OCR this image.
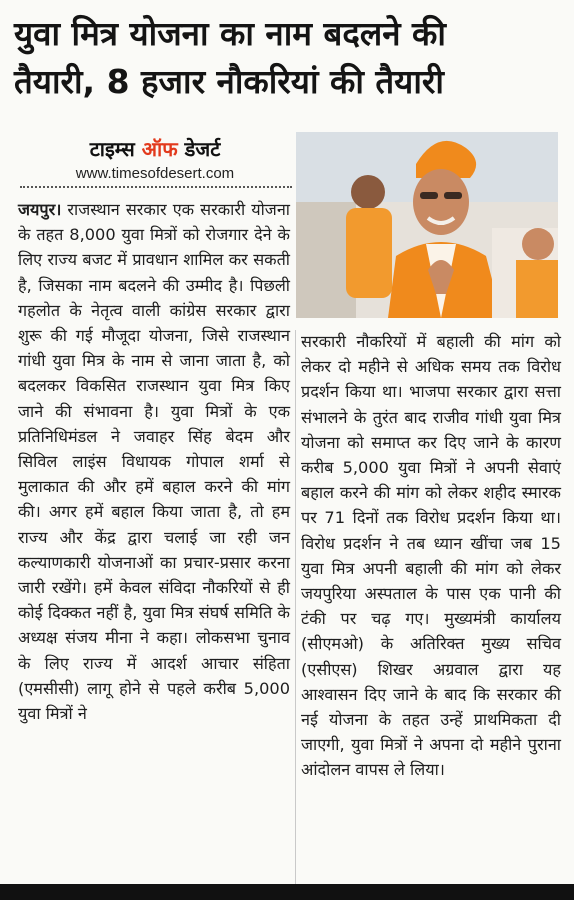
युवा मित्र योजना का नाम बदलने की
तैयारी, 8 हजार नौकरियां की तैयारी
टाइम्स ऑफ डेजर्ट
www.timesofdesert.com
जयपुर। राजस्थान सरकार एक सरकारी योजना के तहत 8,000 युवा मित्रों को रोजगार देने के लिए राज्य बजट में प्रावधान शामिल कर सकती है, जिसका नाम बदलने की उम्मीद है। पिछली गहलोत के नेतृत्व वाली कांग्रेस सरकार द्वारा शुरू की गई मौजूदा योजना, जिसे राजस्थान गांधी युवा मित्र के नाम से जाना जाता है, को बदलकर विकसित राजस्थान युवा मित्र किए जाने की संभावना है। युवा मित्रों के एक प्रतिनिधिमंडल ने जवाहर सिंह बेदम और सिविल लाइंस विधायक गोपाल शर्मा से मुलाकात की और हमें बहाल करने की मांग की। अगर हमें बहाल किया जाता है, तो हम राज्य और केंद्र द्वारा चलाई जा रही जन कल्याणकारी योजनाओं का प्रचार-प्रसार करना जारी रखेंगे। हमें केवल संविदा नौकरियों से ही कोई दिक्कत नहीं है, युवा मित्र संघर्ष समिति के अध्यक्ष संजय मीना ने कहा। लोकसभा चुनाव के लिए राज्य में आदर्श आचार संहिता (एमसीसी) लागू होने से पहले करीब 5,000 युवा मित्रों ने
सरकारी नौकरियों में बहाली की मांग को लेकर दो महीने से अधिक समय तक विरोध प्रदर्शन किया था। भाजपा सरकार द्वारा सत्ता संभालने के तुरंत बाद राजीव गांधी युवा मित्र योजना को समाप्त कर दिए जाने के कारण करीब 5,000 युवा मित्रों ने अपनी सेवाएं बहाल करने की मांग को लेकर शहीद स्मारक पर 71 दिनों तक विरोध प्रदर्शन किया था। विरोध प्रदर्शन ने तब ध्यान खींचा जब 15 युवा मित्र अपनी बहाली की मांग को लेकर जयपुरिया अस्पताल के पास एक पानी की टंकी पर चढ़ गए। मुख्यमंत्री कार्यालय (सीएमओ) के अतिरिक्त मुख्य सचिव (एसीएस) शिखर अग्रवाल द्वारा यह आश्वासन दिए जाने के बाद कि सरकार की नई योजना के तहत उन्हें प्राथमिकता दी जाएगी, युवा मित्रों ने अपना दो महीने पुराना आंदोलन वापस ले लिया।
